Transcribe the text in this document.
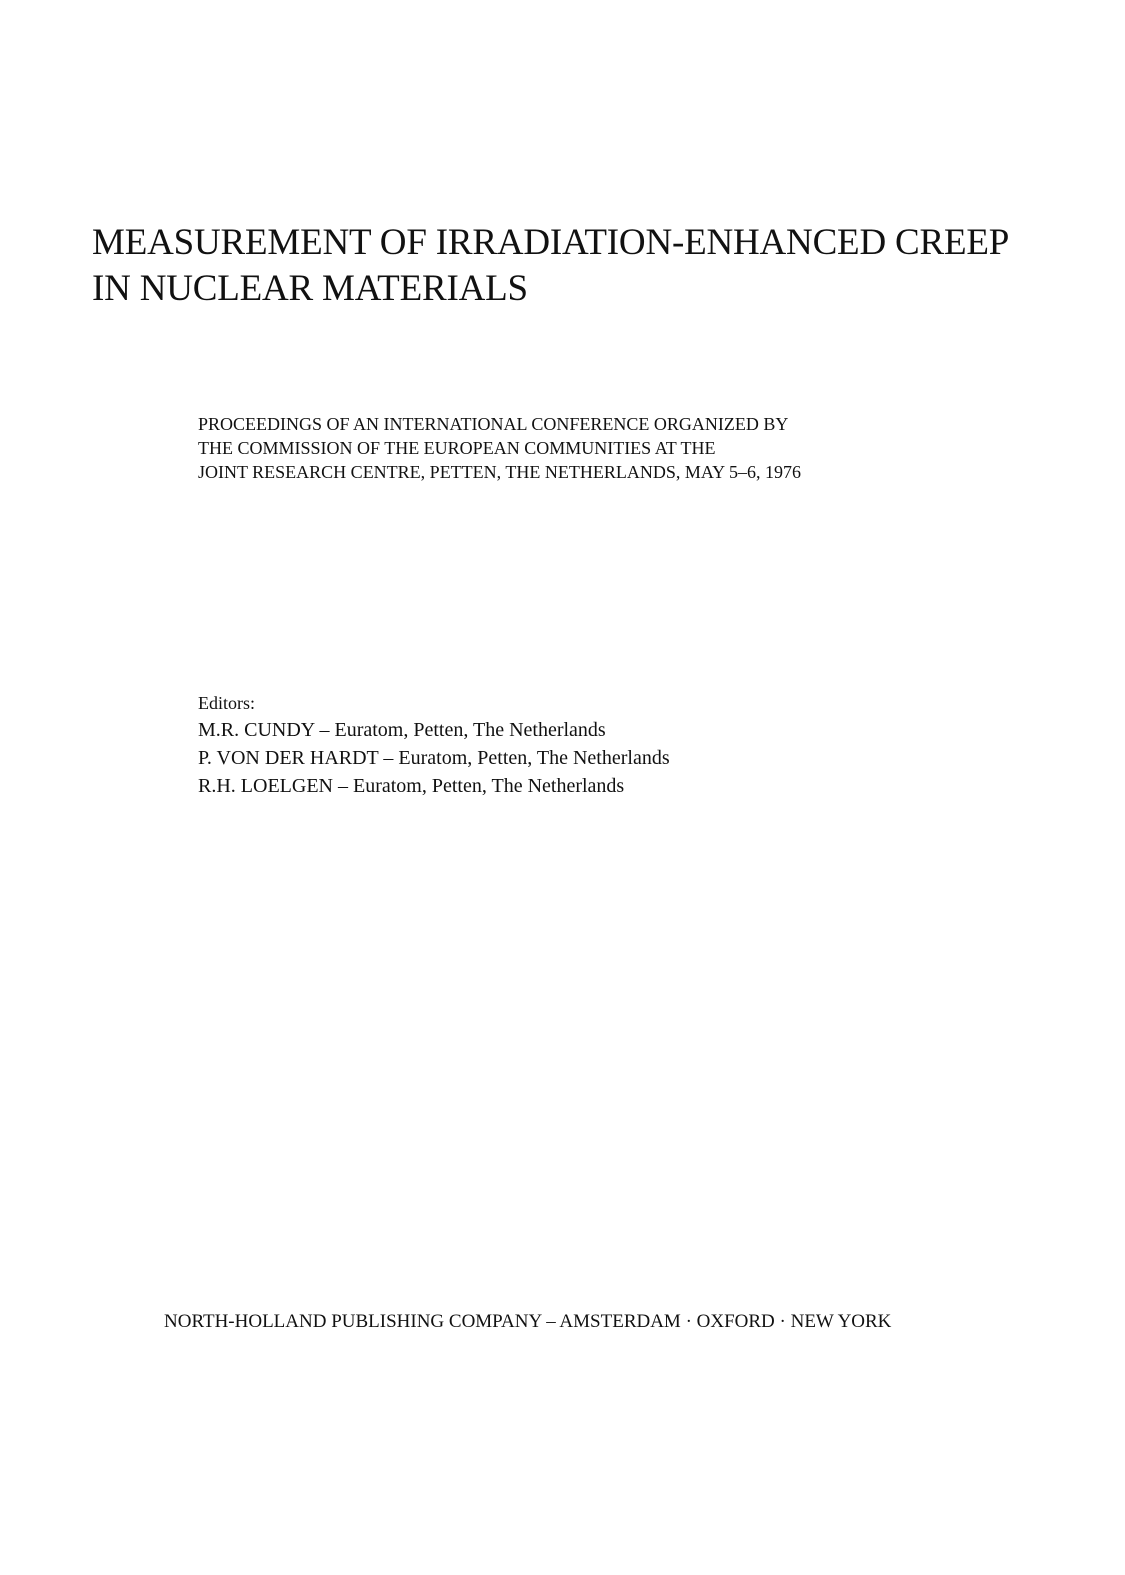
MEASUREMENT OF IRRADIATION-ENHANCED CREEP
IN NUCLEAR MATERIALS
PROCEEDINGS OF AN INTERNATIONAL CONFERENCE ORGANIZED BY
THE COMMISSION OF THE EUROPEAN COMMUNITIES AT THE
JOINT RESEARCH CENTRE, PETTEN, THE NETHERLANDS, MAY 5–6, 1976
Editors:
M.R. CUNDY – Euratom, Petten, The Netherlands
P. VON DER HARDT – Euratom, Petten, The Netherlands
R.H. LOELGEN – Euratom, Petten, The Netherlands
NORTH-HOLLAND PUBLISHING COMPANY – AMSTERDAM · OXFORD · NEW YORK
